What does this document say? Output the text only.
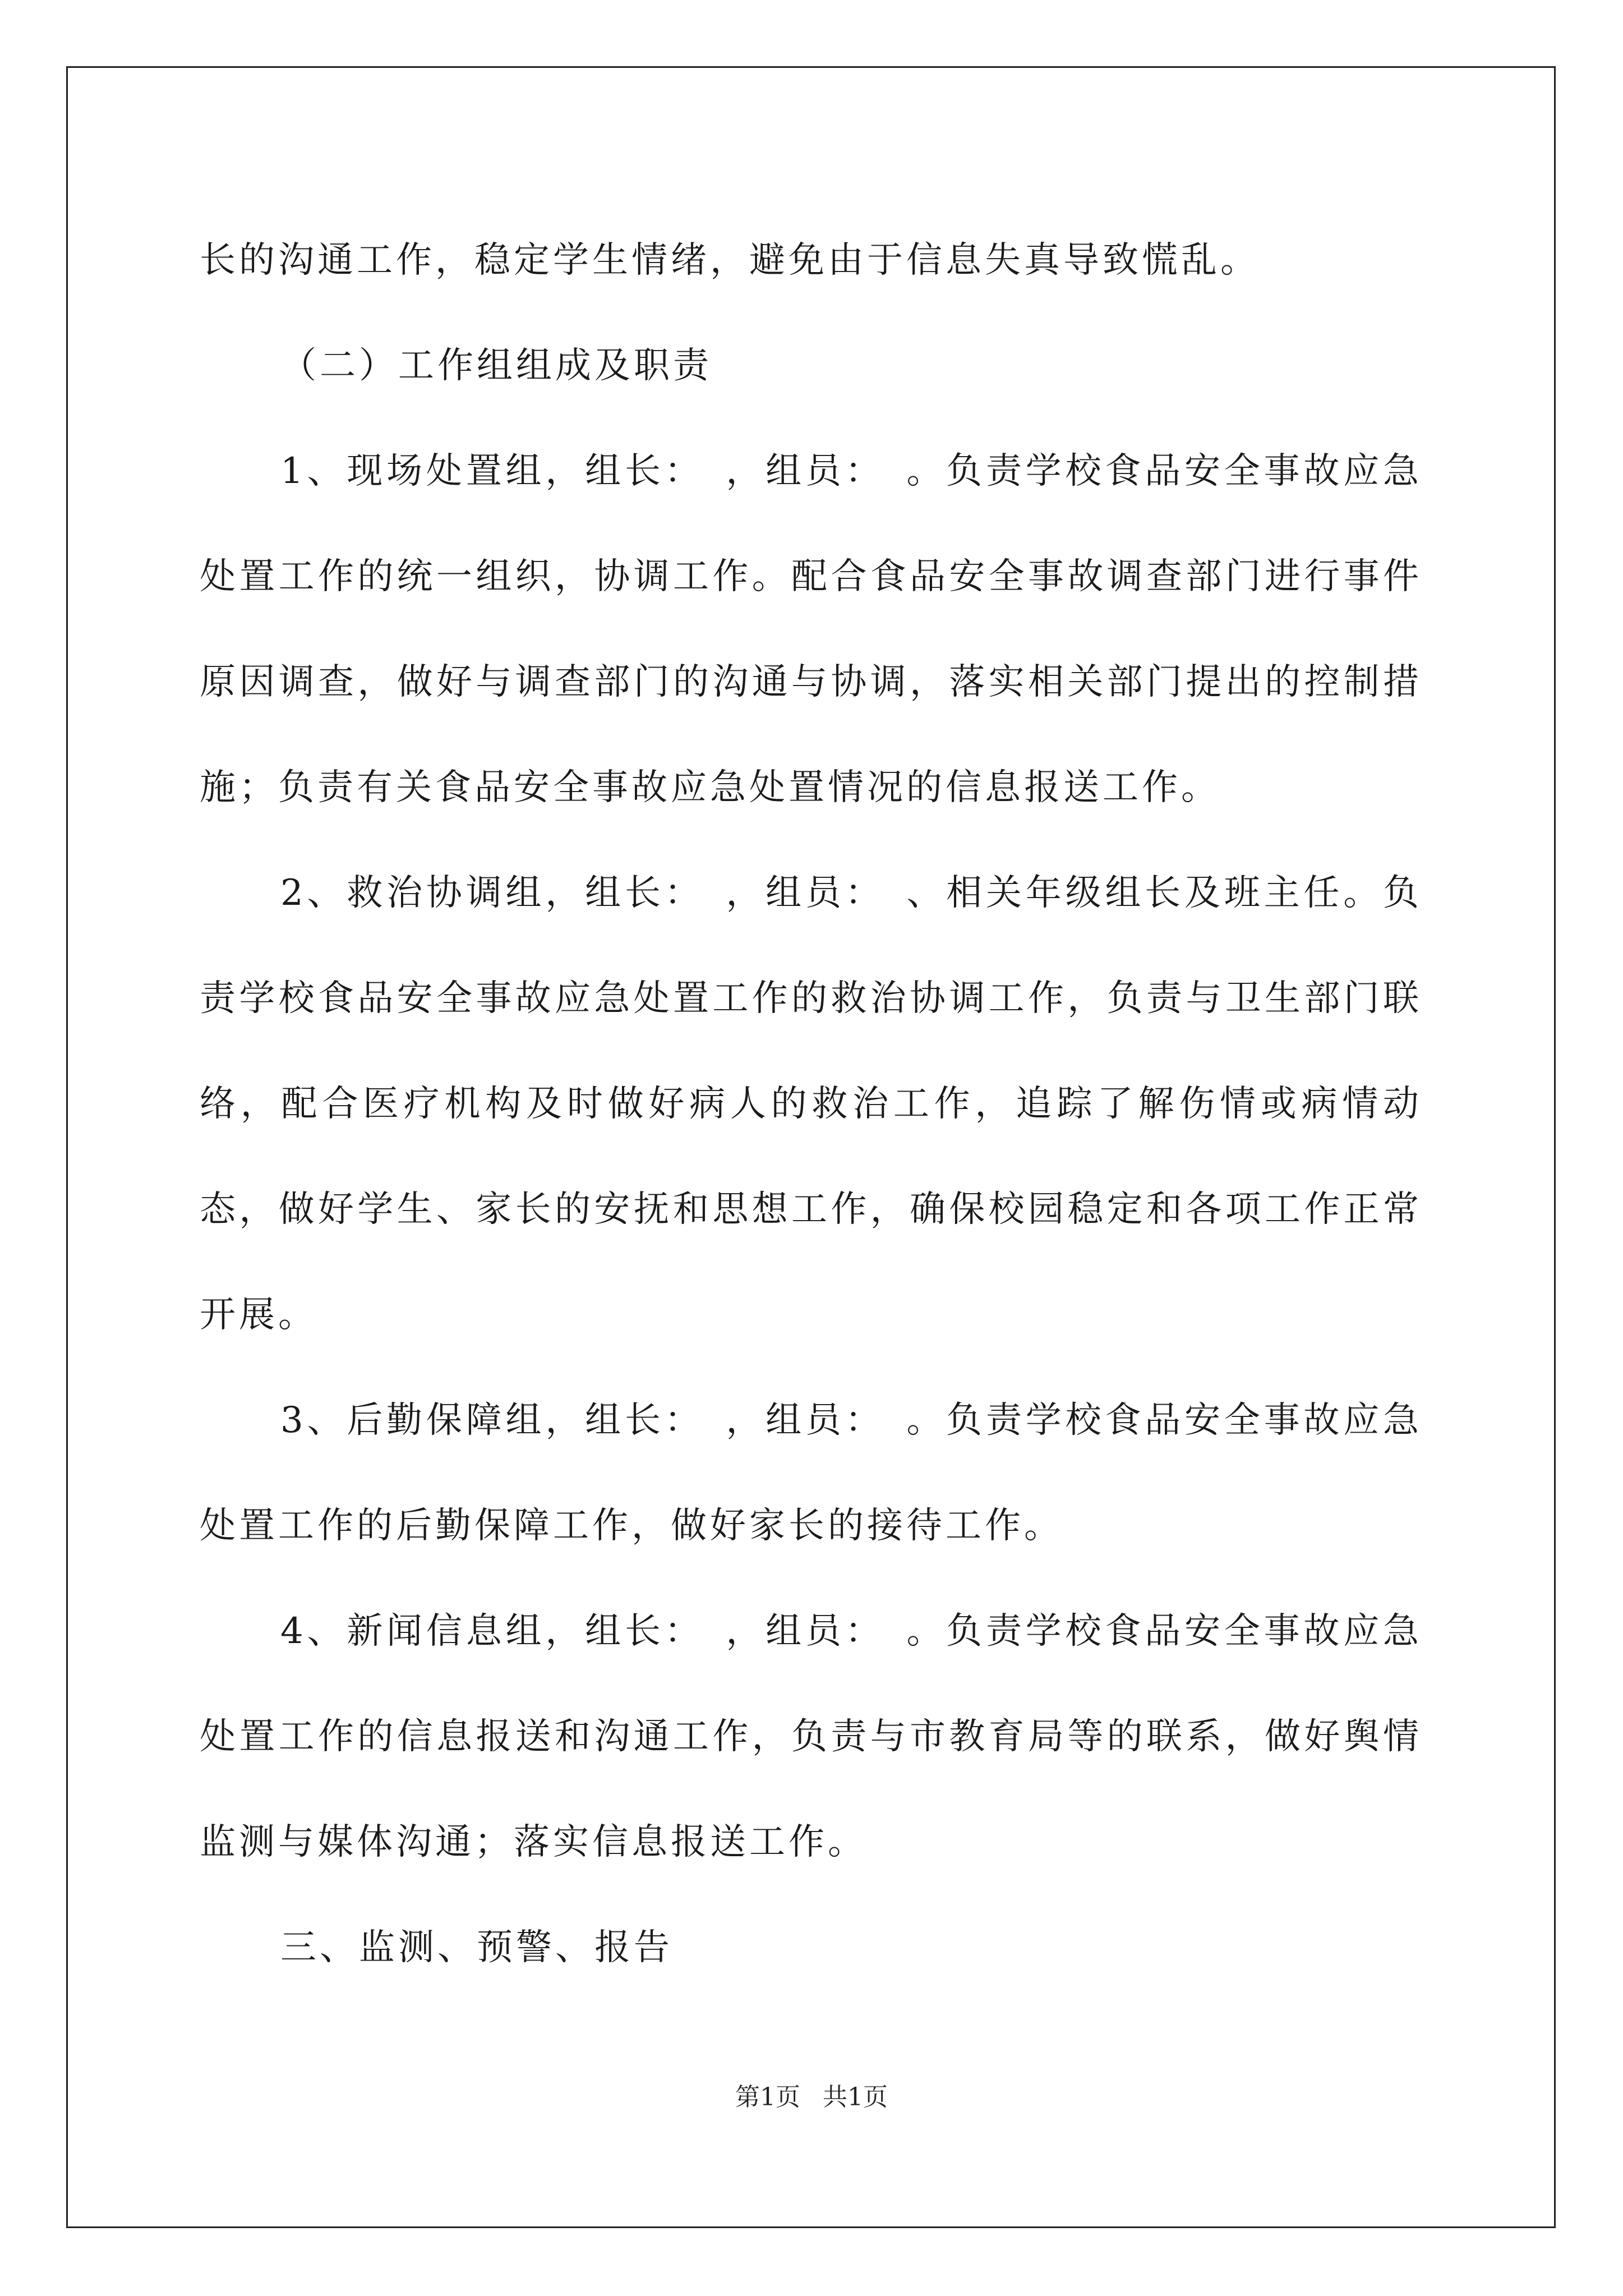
长的沟通工作，稳定学生情绪，避免由于信息失真导致慌乱。

（二）工作组组成及职责

1、现场处置组，组长：　，组员：　。负责学校食品安全事故应急处置工作的统一组织，协调工作。配合食品安全事故调查部门进行事件原因调查，做好与调查部门的沟通与协调，落实相关部门提出的控制措施；负责有关食品安全事故应急处置情况的信息报送工作。

2、救治协调组，组长：　，组员：　、相关年级组长及班主任。负责学校食品安全事故应急处置工作的救治协调工作，负责与卫生部门联络，配合医疗机构及时做好病人的救治工作，追踪了解伤情或病情动态，做好学生、家长的安抚和思想工作，确保校园稳定和各项工作正常开展。

3、后勤保障组，组长：　，组员：　。负责学校食品安全事故应急处置工作的后勤保障工作，做好家长的接待工作。

4、新闻信息组，组长：　，组员：　。负责学校食品安全事故应急处置工作的信息报送和沟通工作，负责与市教育局等的联系，做好舆情监测与媒体沟通；落实信息报送工作。

三、监测、预警、报告

第1页 共1页
